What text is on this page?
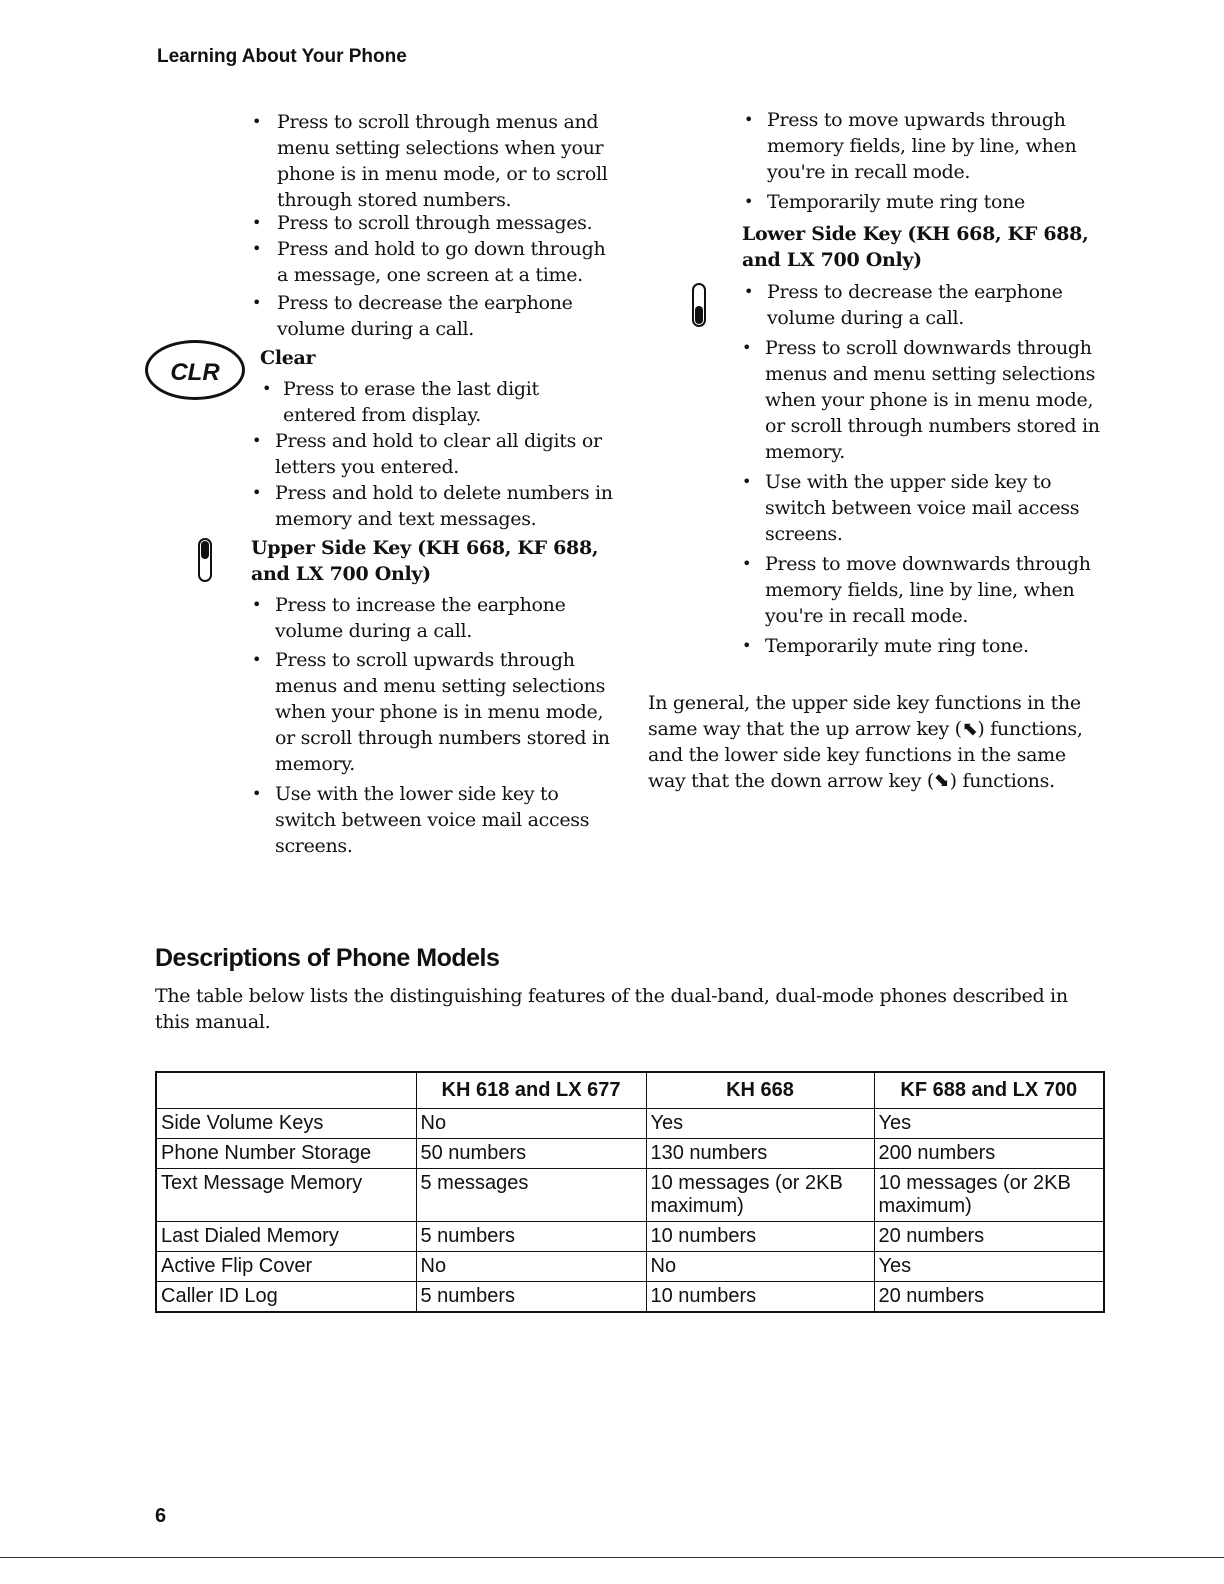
Learning About Your Phone
• Press to scroll through menus and
menu setting selections when your
phone is in menu mode, or to scroll
through stored numbers.
• Press to scroll through messages.
• Press and hold to go down through
a message, one screen at a time.
• Press to decrease the earphone
volume during a call.
CLR
Clear
• Press to erase the last digit
entered from display.
• Press and hold to clear all digits or
letters you entered.
• Press and hold to delete numbers in
memory and text messages.
Upper Side Key (KH 668, KF 688,
and LX 700 Only)
• Press to increase the earphone
volume during a call.
• Press to scroll upwards through
menus and menu setting selections
when your phone is in menu mode,
or scroll through numbers stored in
memory.
• Use with the lower side key to
switch between voice mail access
screens.
• Press to move upwards through
memory fields, line by line, when
you're in recall mode.
• Temporarily mute ring tone
Lower Side Key (KH 668, KF 688,
and LX 700 Only)
• Press to decrease the earphone
volume during a call.
• Press to scroll downwards through
menus and menu setting selections
when your phone is in menu mode,
or scroll through numbers stored in
memory.
• Use with the upper side key to
switch between voice mail access
screens.
• Press to move downwards through
memory fields, line by line, when
you're in recall mode.
• Temporarily mute ring tone.
In general, the upper side key functions in the
same way that the up arrow key (⬉) functions,
and the lower side key functions in the same
way that the down arrow key (⬊) functions.
Descriptions of Phone Models
The table below lists the distinguishing features of the dual-band, dual-mode phones described in
this manual.
	KH 618 and LX 677	KH 668	KF 688 and LX 700
Side Volume Keys	No	Yes	Yes
Phone Number Storage	50 numbers	130 numbers	200 numbers
Text Message Memory	5 messages	10 messages (or 2KB maximum)	10 messages (or 2KB maximum)
Last Dialed Memory	5 numbers	10 numbers	20 numbers
Active Flip Cover	No	No	Yes
Caller ID Log	5 numbers	10 numbers	20 numbers
6
